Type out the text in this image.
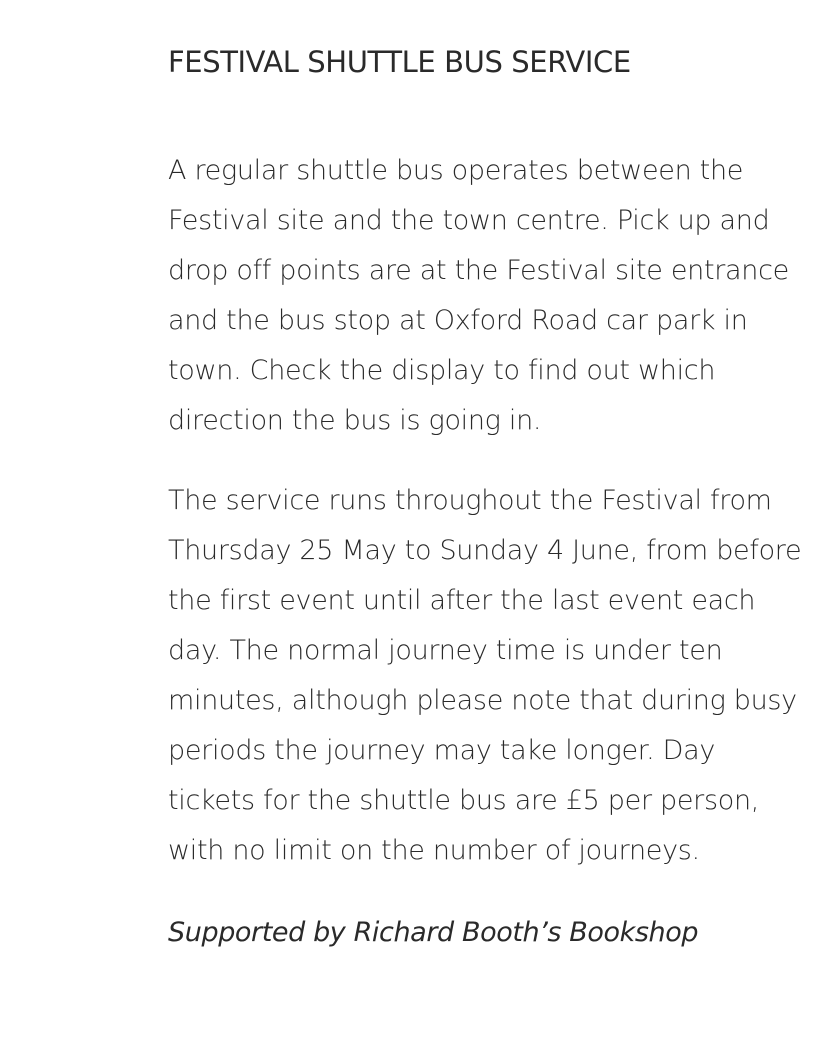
FESTIVAL SHUTTLE BUS SERVICE

A regular shuttle bus operates between the Festival site and the town centre. Pick up and drop off points are at the Festival site entrance and the bus stop at Oxford Road car park in town. Check the display to find out which direction the bus is going in.

The service runs throughout the Festival from Thursday 25 May to Sunday 4 June, from before the first event until after the last event each day. The normal journey time is under ten minutes, although please note that during busy periods the journey may take longer. Day tickets for the shuttle bus are £5 per person, with no limit on the number of journeys.

Supported by Richard Booth’s Bookshop
